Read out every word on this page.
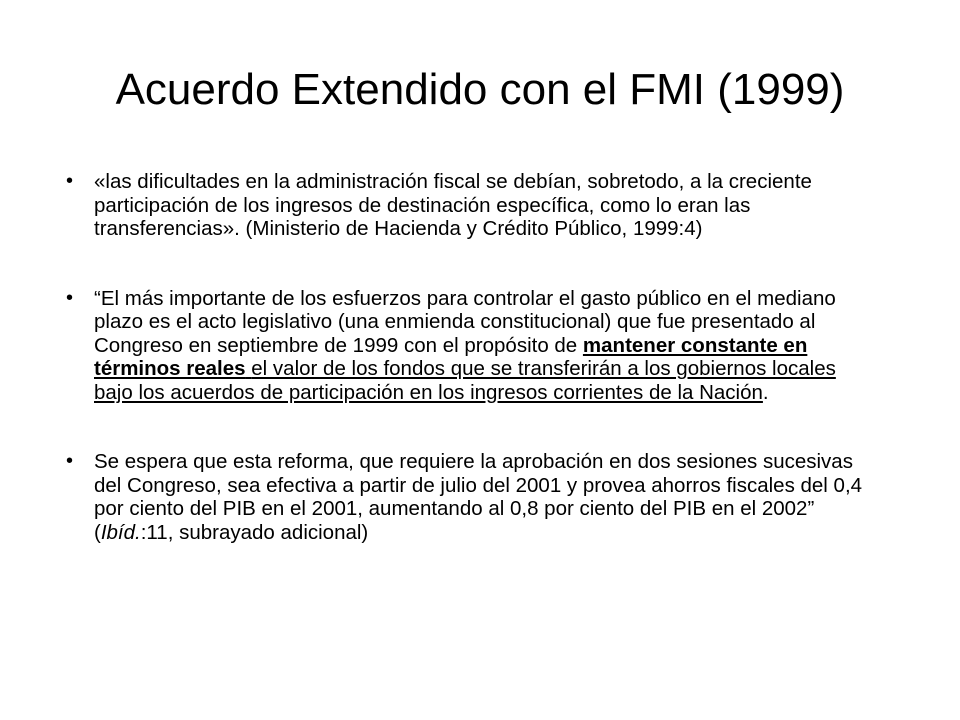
Acuerdo Extendido con el FMI (1999)
• «las dificultades en la administración fiscal se debían, sobretodo, a la creciente participación de los ingresos de destinación específica, como lo eran las transferencias». (Ministerio de Hacienda y Crédito Público, 1999:4)
• “El más importante de los esfuerzos para controlar el gasto público en el mediano plazo es el acto legislativo (una enmienda constitucional) que fue presentado al Congreso en septiembre de 1999 con el propósito de mantener constante en términos reales el valor de los fondos que se transferirán a los gobiernos locales bajo los acuerdos de participación en los ingresos corrientes de la Nación.
• Se espera que esta reforma, que requiere la aprobación en dos sesiones sucesivas del Congreso, sea efectiva a partir de julio del 2001 y provea ahorros fiscales del 0,4 por ciento del PIB en el 2001, aumentando al 0,8 por ciento del PIB en el 2002” (Ibíd.:11, subrayado adicional)
